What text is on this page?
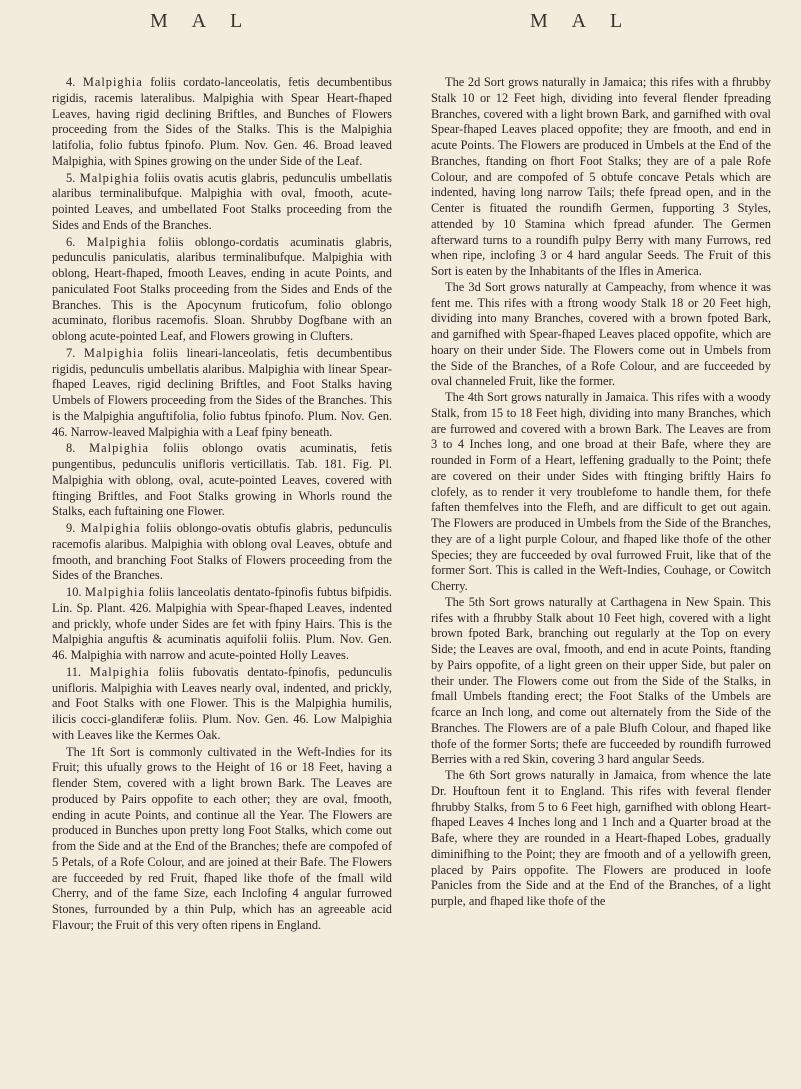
M A L	M A L

4. Malpighia foliis cordato-lanceolatis, fetis decumbentibus rigidis, racemis lateralibus. Malpighia with Spear Heart-fhaped Leaves, having rigid declining Briftles, and Bunches of Flowers proceeding from the Sides of the Stalks. This is the Malpighia latifolia, folio fubtus fpinofo. Plum. Nov. Gen. 46. Broad leaved Malpighia, with Spines growing on the under Side of the Leaf.

5. Malpighia foliis ovatis acutis glabris, pedunculis umbellatis alaribus terminalibufque. Malpighia with oval, fmooth, acute-pointed Leaves, and umbellated Foot Stalks proceeding from the Sides and Ends of the Branches.

6. Malpighia foliis oblongo-cordatis acuminatis glabris, pedunculis paniculatis, alaribus terminalibufque. Malpighia with oblong, Heart-fhaped, fmooth Leaves, ending in acute Points, and paniculated Foot Stalks proceeding from the Sides and Ends of the Branches. This is the Apocynum fruticofum, folio oblongo acuminato, floribus racemofis. Sloan. Shrubby Dogfbane with an oblong acute-pointed Leaf, and Flowers growing in Clufters.

7. Malpighia foliis lineari-lanceolatis, fetis decumbentibus rigidis, pedunculis umbellatis alaribus. Malpighia with linear Spear-fhaped Leaves, rigid declining Briftles, and Foot Stalks having Umbels of Flowers proceeding from the Sides of the Branches. This is the Malpighia anguftifolia, folio fubtus fpinofo. Plum. Nov. Gen. 46. Narrow-leaved Malpighia with a Leaf fpiny beneath.

8. Malpighia foliis oblongo ovatis acuminatis, fetis pungentibus, pedunculis unifloris verticillatis. Tab. 181. Fig. Pl. Malpighia with oblong, oval, acute-pointed Leaves, covered with ftinging Briftles, and Foot Stalks growing in Whorls round the Stalks, each fuftaining one Flower.

9. Malpighia foliis oblongo-ovatis obtufis glabris, pedunculis racemofis alaribus. Malpighia with oblong oval Leaves, obtufe and fmooth, and branching Foot Stalks of Flowers proceeding from the Sides of the Branches.

10. Malpighia foliis lanceolatis dentato-fpinofis fubtus bifpidis. Lin. Sp. Plant. 426. Malpighia with Spear-fhaped Leaves, indented and prickly, whofe under Sides are fet with fpiny Hairs. This is the Malpighia anguftis & acuminatis aquifolii foliis. Plum. Nov. Gen. 46. Malpighia with narrow and acute-pointed Holly Leaves.

11. Malpighia foliis fubovatis dentato-fpinofis, pedunculis unifloris. Malpighia with Leaves nearly oval, indented, and prickly, and Foot Stalks with one Flower. This is the Malpighia humilis, ilicis cocci-glandiferæ foliis. Plum. Nov. Gen. 46. Low Malpighia with Leaves like the Kermes Oak.

The 1ft Sort is commonly cultivated in the Weft-Indies for its Fruit; this ufually grows to the Height of 16 or 18 Feet, having a flender Stem, covered with a light brown Bark. The Leaves are produced by Pairs oppofite to each other; they are oval, fmooth, ending in acute Points, and continue all the Year. The Flowers are produced in Bunches upon pretty long Foot Stalks, which come out from the Side and at the End of the Branches; thefe are compofed of 5 Petals, of a Rofe Colour, and are joined at their Bafe. The Flowers are fucceeded by red Fruit, fhaped like thofe of the fmall wild Cherry, and of the fame Size, each Inclofing 4 angular furrowed Stones, furrounded by a thin Pulp, which has an agreeable acid Flavour; the Fruit of this very often ripens in England.

The 2d Sort grows naturally in Jamaica; this rifes with a fhrubby Stalk 10 or 12 Feet high, dividing into feveral flender fpreading Branches, covered with a light brown Bark, and garnifhed with oval Spear-fhaped Leaves placed oppofite; they are fmooth, and end in acute Points. The Flowers are produced in Umbels at the End of the Branches, ftanding on fhort Foot Stalks; they are of a pale Rofe Colour, and are compofed of 5 obtufe concave Petals which are indented, having long narrow Tails; thefe fpread open, and in the Center is fituated the roundifh Germen, fupporting 3 Styles, attended by 10 Stamina which fpread afunder. The Germen afterward turns to a roundifh pulpy Berry with many Furrows, red when ripe, inclofing 3 or 4 hard angular Seeds. The Fruit of this Sort is eaten by the Inhabitants of the Ifles in America.

The 3d Sort grows naturally at Campeachy, from whence it was fent me. This rifes with a ftrong woody Stalk 18 or 20 Feet high, dividing into many Branches, covered with a brown fpoted Bark, and garnifhed with Spear-fhaped Leaves placed oppofite, which are hoary on their under Side. The Flowers come out in Umbels from the Side of the Branches, of a Rofe Colour, and are fucceeded by oval channeled Fruit, like the former.

The 4th Sort grows naturally in Jamaica. This rifes with a woody Stalk, from 15 to 18 Feet high, dividing into many Branches, which are furrowed and covered with a brown Bark. The Leaves are from 3 to 4 Inches long, and one broad at their Bafe, where they are rounded in Form of a Heart, leffening gradually to the Point; thefe are covered on their under Sides with ftinging briftly Hairs fo clofely, as to render it very troublefome to handle them, for thefe faften themfelves into the Flefh, and are difficult to get out again. The Flowers are produced in Umbels from the Side of the Branches, they are of a light purple Colour, and fhaped like thofe of the other Species; they are fucceeded by oval furrowed Fruit, like that of the former Sort. This is called in the Weft-Indies, Couhage, or Cowitch Cherry.

The 5th Sort grows naturally at Carthagena in New Spain. This rifes with a fhrubby Stalk about 10 Feet high, covered with a light brown fpoted Bark, branching out regularly at the Top on every Side; the Leaves are oval, fmooth, and end in acute Points, ftanding by Pairs oppofite, of a light green on their upper Side, but paler on their under. The Flowers come out from the Side of the Stalks, in fmall Umbels ftanding erect; the Foot Stalks of the Umbels are fcarce an Inch long, and come out alternately from the Side of the Branches. The Flowers are of a pale Blufh Colour, and fhaped like thofe of the former Sorts; thefe are fucceeded by roundifh furrowed Berries with a red Skin, covering 3 hard angular Seeds.

The 6th Sort grows naturally in Jamaica, from whence the late Dr. Houftoun fent it to England. This rifes with feveral flender fhrubby Stalks, from 5 to 6 Feet high, garnifhed with oblong Heart-fhaped Leaves 4 Inches long and 1 Inch and a Quarter broad at the Bafe, where they are rounded in a Heart-fhaped Lobes, gradually diminifhing to the Point; they are fmooth and of a yellowifh green, placed by Pairs oppofite. The Flowers are produced in loofe Panicles from the Side and at the End of the Branches, of a light purple, and fhaped like thofe of the
